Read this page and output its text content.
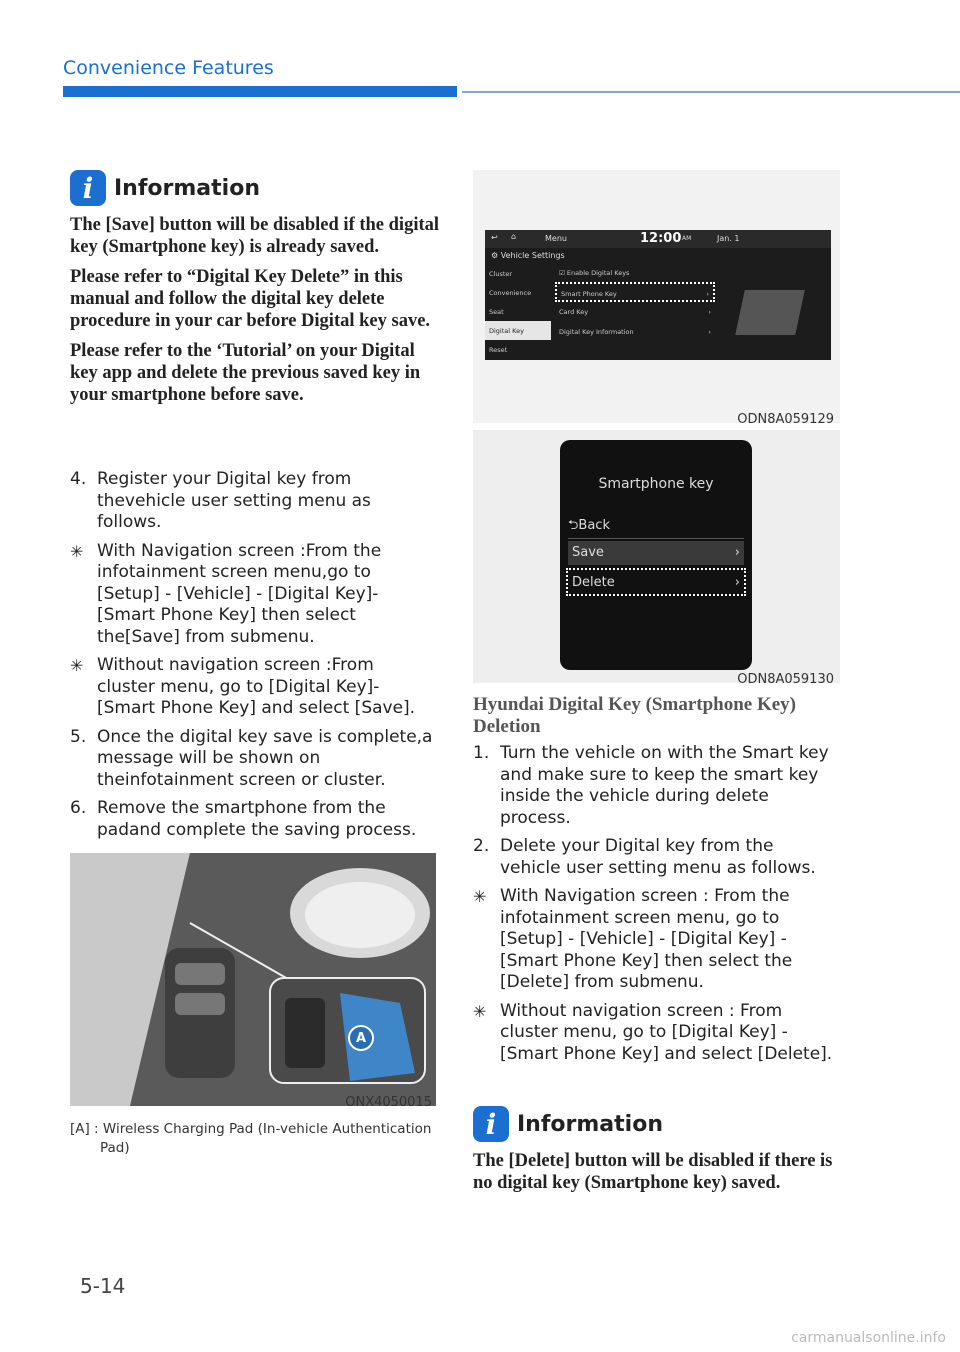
Convenience Features
i Information

The [Save] button will be disabled if the digital key (Smartphone key) is already saved.

Please refer to “Digital Key Delete” in this manual and follow the digital key delete procedure in your car before Digital key save.

Please refer to the ‘Tutorial’ on your Digital key app and delete the previous saved key in your smartphone before save.

4. Register your Digital key from thevehicle user setting menu as follows.
✳ With Navigation screen :From the infotainment screen menu,go to [Setup] - [Vehicle] - [Digital Key]- [Smart Phone Key] then select the[Save] from submenu.
✳ Without navigation screen :From cluster menu, go to [Digital Key]- [Smart Phone Key] and select [Save].
5. Once the digital key save is complete,a message will be shown on theinfotainment screen or cluster.
6. Remove the smartphone from the padand complete the saving process.
A
ONX4050015
[A] : Wireless Charging Pad (In-vehicle Authentication Pad)
↩ ⌂	Menu	12:00 AM	Jan. 1
⚙ Vehicle Settings
Cluster
Convenience
Seat
Digital Key
Reset
☑ Enable Digital Keys
Smart Phone Key	›
Card Key	›
Digital Key Information	›
ODN8A059129
Smartphone key
⮌Back
Save	›
Delete	›
ODN8A059130
Hyundai Digital Key (Smartphone Key) Deletion
1. Turn the vehicle on with the Smart key and make sure to keep the smart key inside the vehicle during delete process.
2. Delete your Digital key from the vehicle user setting menu as follows.
✳ With Navigation screen : From the infotainment screen menu, go to [Setup] - [Vehicle] - [Digital Key] - [Smart Phone Key] then select the [Delete] from submenu.
✳ Without navigation screen : From cluster menu, go to [Digital Key] - [Smart Phone Key] and select [Delete].
i Information

The [Delete] button will be disabled if there is no digital key (Smartphone key) saved.

5-14
carmanualsonline.info
